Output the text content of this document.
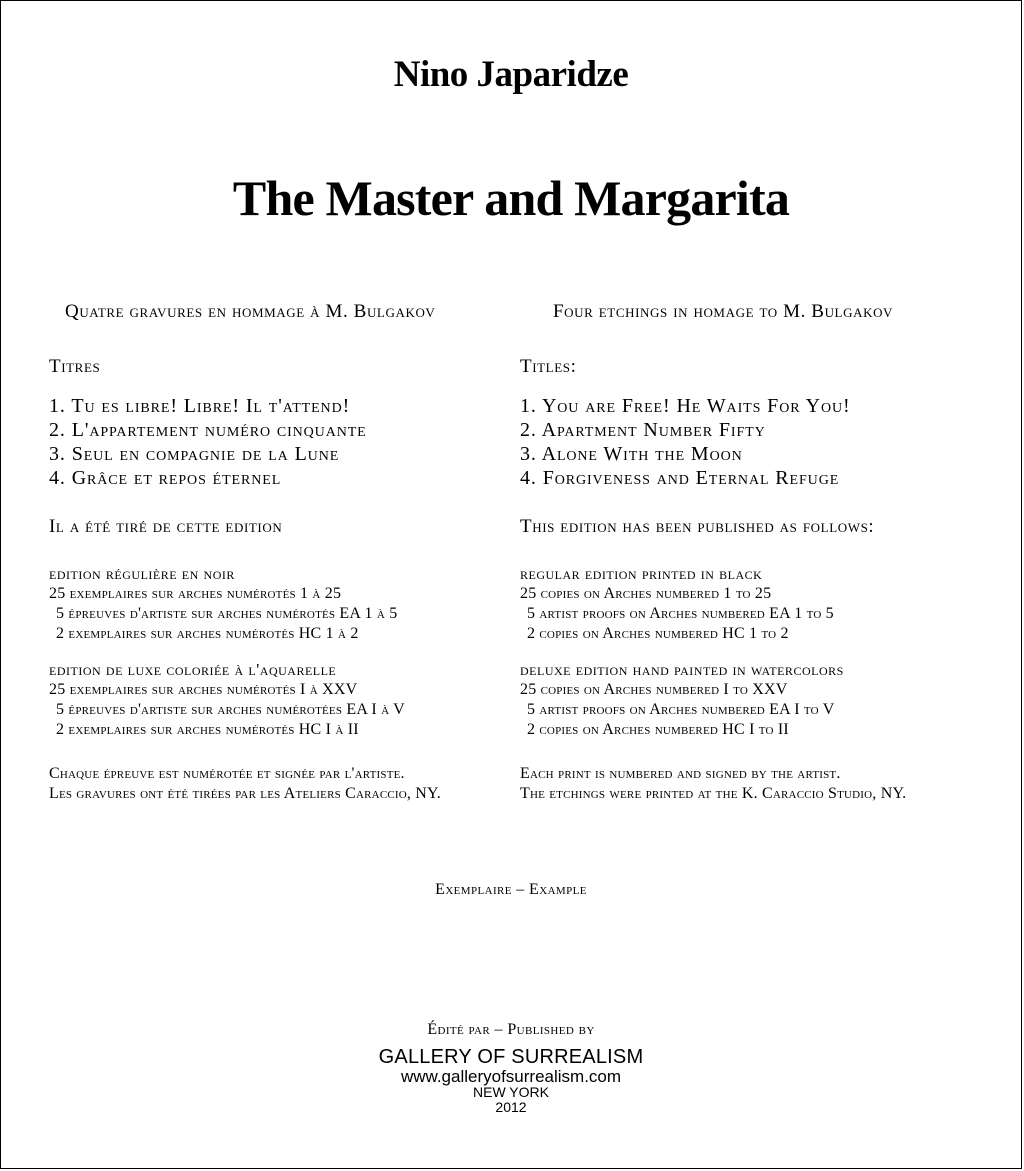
Nino Japaridze
The Master and Margarita
Quatre gravures en hommage à M. Bulgakov
Titres
1. Tu es libre! Libre! Il t'attend!
2. L'appartement numéro cinquante
3. Seul en compagnie de la Lune
4. Grâce et repos éternel
Il a été tiré de cette edition
edition régulière en noir
25 exemplaires sur arches numérotés 1 à 25
5 épreuves d'artiste sur arches numérotés EA 1 à 5
2 exemplaires sur arches numérotés HC 1 à 2
edition de luxe coloriée à l'aquarelle
25 exemplaires sur arches numérotés I à XXV
5 épreuves d'artiste sur arches numérotées EA I à V
2 exemplaires sur arches numérotés HC I à II
Chaque épreuve est numérotée et signée par l'artiste.
Les gravures ont été tirées par les Ateliers Caraccio, NY.
Four etchings in homage to M. Bulgakov
Titles:
1. You are Free! He Waits For You!
2. Apartment Number Fifty
3. Alone With the Moon
4. Forgiveness and Eternal Refuge
This edition has been published as follows:
regular edition printed in black
25 copies on Arches numbered 1 to 25
5 artist proofs on Arches numbered EA 1 to 5
2 copies on Arches numbered HC 1 to 2
deluxe edition hand painted in watercolors
25 copies on Arches numbered I to XXV
5 artist proofs on Arches numbered EA I to V
2 copies on Arches numbered HC I to II
Each print is numbered and signed by the artist.
The etchings were printed at the K. Caraccio Studio, NY.
Exemplaire – Example
Édité par – Published by
GALLERY OF SURREALISM
www.galleryofsurrealism.com
NEW YORK
2012
